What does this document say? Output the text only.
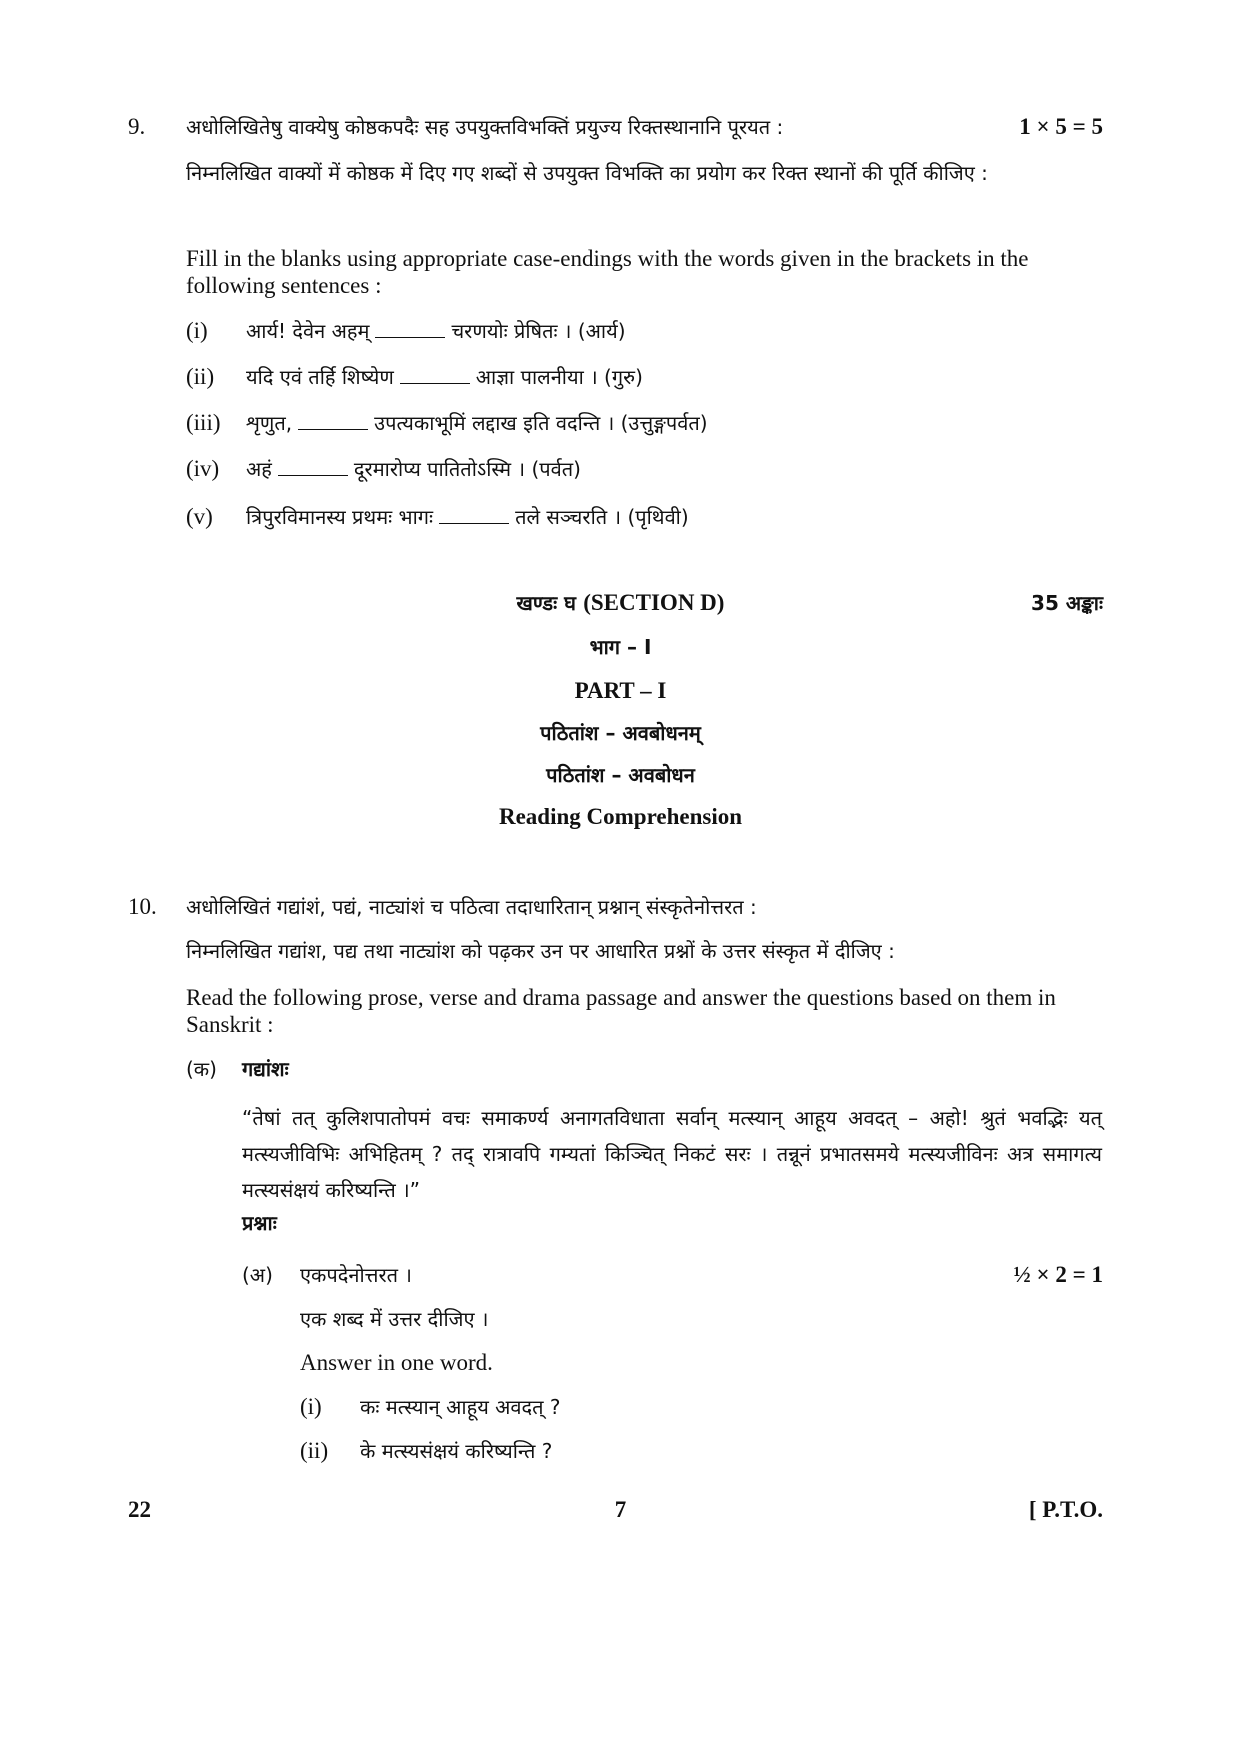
9. अधोलिखितेषु वाक्येषु कोष्ठकपदैः सह उपयुक्तविभक्तिं प्रयुज्य रिक्तस्थानानि पूरयत :	1 × 5 = 5
निम्नलिखित वाक्यों में कोष्ठक में दिए गए शब्दों से उपयुक्त विभक्ति का प्रयोग कर रिक्त स्थानों की पूर्ति कीजिए :
Fill in the blanks using appropriate case-endings with the words given in the brackets in the following sentences :
(i) आर्य! देवेन अहम्	चरणयोः प्रेषितः । (आर्य)
(ii) यदि एवं तर्हि शिष्येण	आज्ञा पालनीया । (गुरु)
(iii) शृणुत,	उपत्यकाभूमिं लद्दाख इति वदन्ति । (उत्तुङ्गपर्वत)
(iv) अहं	दूरमारोप्य पातितोऽस्मि । (पर्वत)
(v) त्रिपुरविमानस्य प्रथमः भागः	तले सञ्चरति । (पृथिवी)
खण्डः घ (SECTION D)	35 अङ्काः
भाग – I
PART – I
पठितांश – अवबोधनम्
पठितांश – अवबोधन
Reading Comprehension
10. अधोलिखितं गद्यांशं, पद्यं, नाट्यांशं च पठित्वा तदाधारितान् प्रश्नान् संस्कृतेनोत्तरत :
निम्नलिखित गद्यांश, पद्य तथा नाट्यांश को पढ़कर उन पर आधारित प्रश्नों के उत्तर संस्कृत में दीजिए :
Read the following prose, verse and drama passage and answer the questions based on them in Sanskrit :
(क) गद्यांशः
“तेषां तत् कुलिशपातोपमं वचः समाकर्ण्य अनागतविधाता सर्वान् मत्स्यान् आहूय अवदत् – अहो! श्रुतं भवद्भिः यत् मत्स्यजीविभिः अभिहितम् ? तद् रात्रावपि गम्यतां किञ्चित् निकटं सरः । तन्नूनं प्रभातसमये मत्स्यजीविनः अत्र समागत्य मत्स्यसंक्षयं करिष्यन्ति ।”
प्रश्नाः
(अ) एकपदेनोत्तरत ।	½ × 2 = 1
एक शब्द में उत्तर दीजिए ।
Answer in one word.
(i) कः मत्स्यान् आहूय अवदत् ?
(ii) के मत्स्यसंक्षयं करिष्यन्ति ?
22	7	[ P.T.O.
